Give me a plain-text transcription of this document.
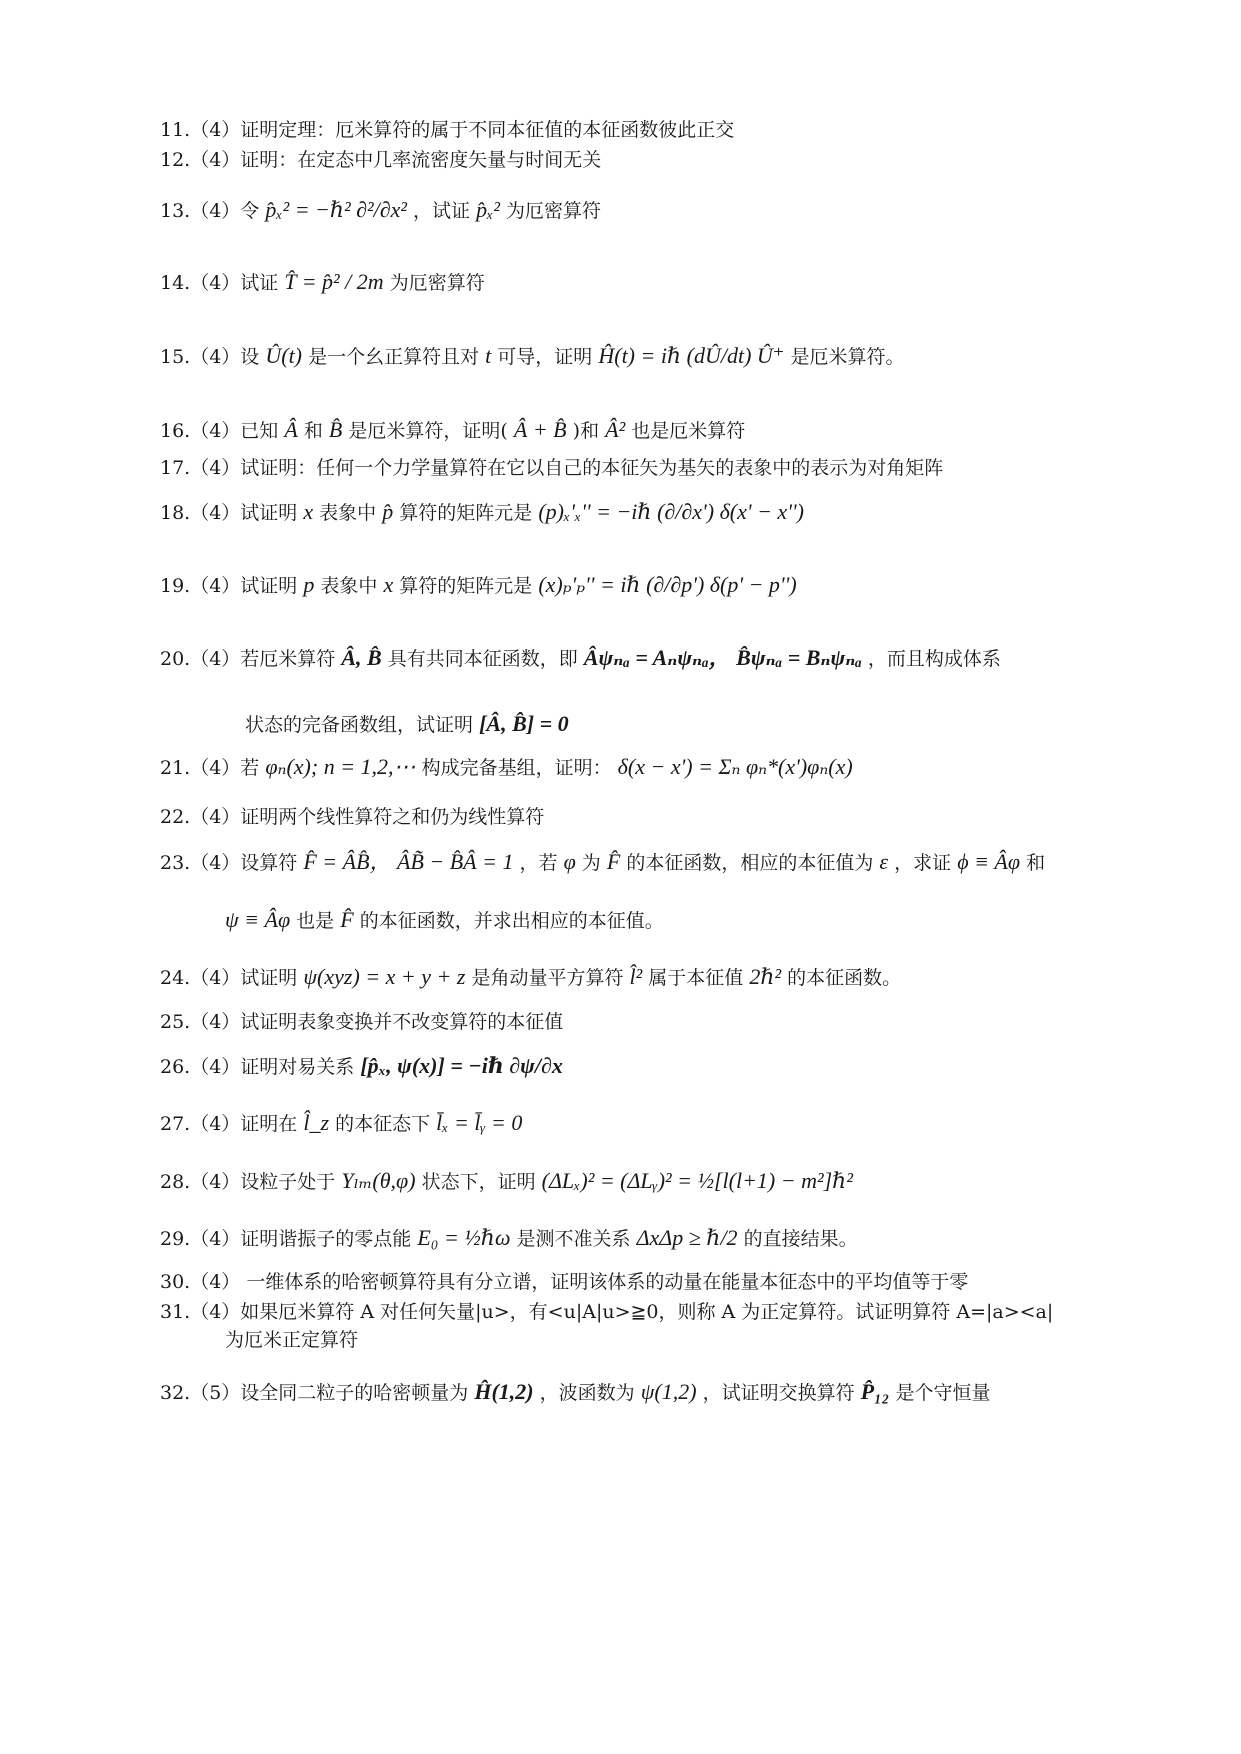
11.（4）证明定理：厄米算符的属于不同本征值的本征函数彼此正交
12.（4）证明：在定态中几率流密度矢量与时间无关
13.（4）令 p̂ₓ² = −ℏ² ∂²/∂x² ，试证 p̂ₓ² 为厄密算符
14.（4）试证 T̂ = p̂² / 2m 为厄密算符
15.（4）设 Û(t) 是一个幺正算符且对 t 可导，证明 Ĥ(t) = iℏ (dÛ/dt) Û⁺ 是厄米算符。
16.（4）已知 Â 和 B̂ 是厄米算符，证明( Â + B̂ )和 Â² 也是厄米算符
17.（4）试证明：任何一个力学量算符在它以自己的本征矢为基矢的表象中的表示为对角矩阵
18.（4）试证明 x 表象中 p̂ 算符的矩阵元是 (p)ₓ'ₓ'' = −iℏ (∂/∂x') δ(x' − x'')
19.（4）试证明 p 表象中 x 算符的矩阵元是 (x)ₚ'ₚ'' = iℏ (∂/∂p') δ(p' − p'')
20.（4）若厄米算符 Â, B̂ 具有共同本征函数，即 Âψₙₐ = Aₙψₙₐ， B̂ψₙₐ = Bₙψₙₐ ，而且构成体系
状态的完备函数组，试证明 [Â, B̂] = 0
21.（4）若 φₙ(x); n = 1,2,⋯ 构成完备基组，证明： δ(x − x') = Σₙ φₙ*(x')φₙ(x)
22.（4）证明两个线性算符之和仍为线性算符
23.（4）设算符 F̂ = ÂB̂， ÂB̃ − B̂Â = 1 ，若 φ 为 F̂ 的本征函数，相应的本征值为 ε ，求证 ϕ ≡ Âφ 和
ψ ≡ Âφ 也是 F̂ 的本征函数，并求出相应的本征值。
24.（4）试证明 ψ(xyz) = x + y + z 是角动量平方算符 l̂² 属于本征值 2ℏ² 的本征函数。
25.（4）试证明表象变换并不改变算符的本征值
26.（4）证明对易关系 [p̂ₓ, ψ(x)] = −iℏ ∂ψ/∂x
27.（4）证明在 l̂_z 的本征态下 l̄ₓ = l̄ᵧ = 0
28.（4）设粒子处于 Yₗₘ(θ,φ) 状态下，证明 (ΔLₓ)² = (ΔLᵧ)² = ½[l(l+1) − m²]ℏ²
29.（4）证明谐振子的零点能 E₀ = ½ℏω 是测不准关系 ΔxΔp ≥ ℏ/2 的直接结果。
30.（4） 一维体系的哈密顿算符具有分立谱，证明该体系的动量在能量本征态中的平均值等于零
31.（4）如果厄米算符 A 对任何矢量|u>，有<u|A|u>≧0，则称 A 为正定算符。试证明算符 A=|a><a|
为厄米正定算符
32.（5）设全同二粒子的哈密顿量为 Ĥ(1,2) ，波函数为 ψ(1,2) ，试证明交换算符 P̂₁₂ 是个守恒量
